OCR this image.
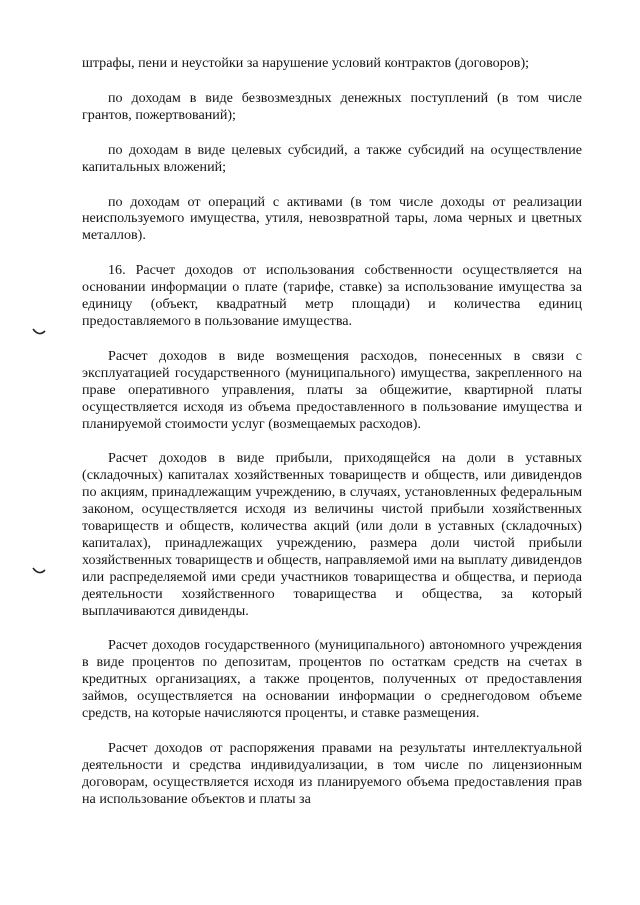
штрафы, пени и неустойки за нарушение условий контрактов (договоров);

по доходам в виде безвозмездных денежных поступлений (в том числе грантов, пожертвований);

по доходам в виде целевых субсидий, а также субсидий на осуществление капитальных вложений;

по доходам от операций с активами (в том числе доходы от реализации неиспользуемого имущества, утиля, невозвратной тары, лома черных и цветных металлов).

16. Расчет доходов от использования собственности осуществляется на основании информации о плате (тарифе, ставке) за использование имущества за единицу (объект, квадратный метр площади) и количества единиц предоставляемого в пользование имущества.

Расчет доходов в виде возмещения расходов, понесенных в связи с эксплуатацией государственного (муниципального) имущества, закрепленного на праве оперативного управления, платы за общежитие, квартирной платы осуществляется исходя из объема предоставленного в пользование имущества и планируемой стоимости услуг (возмещаемых расходов).

Расчет доходов в виде прибыли, приходящейся на доли в уставных (складочных) капиталах хозяйственных товариществ и обществ, или дивидендов по акциям, принадлежащим учреждению, в случаях, установленных федеральным законом, осуществляется исходя из величины чистой прибыли хозяйственных товариществ и обществ, количества акций (или доли в уставных (складочных) капиталах), принадлежащих учреждению, размера доли чистой прибыли хозяйственных товариществ и обществ, направляемой ими на выплату дивидендов или распределяемой ими среди участников товарищества и общества, и периода деятельности хозяйственного товарищества и общества, за который выплачиваются дивиденды.

Расчет доходов государственного (муниципального) автономного учреждения в виде процентов по депозитам, процентов по остаткам средств на счетах в кредитных организациях, а также процентов, полученных от предоставления займов, осуществляется на основании информации о среднегодовом объеме средств, на которые начисляются проценты, и ставке размещения.

Расчет доходов от распоряжения правами на результаты интеллектуальной деятельности и средства индивидуализации, в том числе по лицензионным договорам, осуществляется исходя из планируемого объема предоставления прав на использование объектов и платы за
